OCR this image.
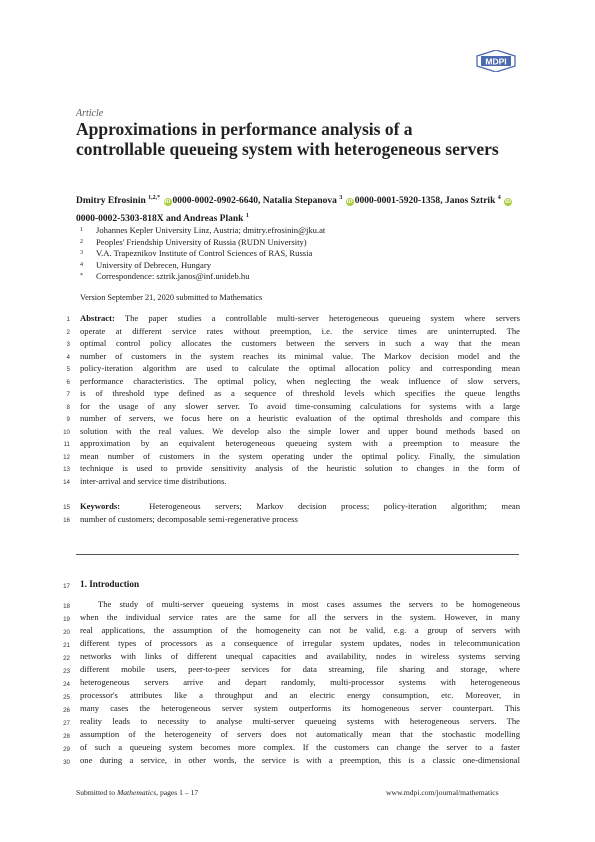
MDPI
Article
Approximations in performance analysis of a controllable queueing system with heterogeneous servers
Dmitry Efrosinin $^{1,2,*}$ iD 0000-0002-0902-6640, Natalia Stepanova $^3$ iD 0000-0001-5920-1358, Janos Sztrik $^4$ iD0000-0002-5303-818X and Andreas Plank $^1$
1	Johannes Kepler University Linz, Austria; dmitry.efrosinin@jku.at
2	Peoples' Friendship University of Russia (RUDN University)
3	V.A. Trapeznikov Institute of Control Sciences of RAS, Russia
4	University of Debrecen, Hungary
*	Correspondence: sztrik.janos@inf.unideb.hu
Version September 21, 2020 submitted to Mathematics
1 Abstract: The paper studies a controllable multi-server heterogeneous queueing system where servers
2 operate at different service rates without preemption, i.e. the service times are uninterrupted. The
3 optimal control policy allocates the customers between the servers in such a way that the mean
4 number of customers in the system reaches its minimal value. The Markov decision model and the
5 policy-iteration algorithm are used to calculate the optimal allocation policy and corresponding mean
6 performance characteristics. The optimal policy, when neglecting the weak influence of slow servers,
7 is of threshold type defined as a sequence of threshold levels which specifies the queue lengths
8 for the usage of any slower server. To avoid time-consuming calculations for systems with a large
9 number of servers, we focus here on a heuristic evaluation of the optimal thresholds and compare this
10 solution with the real values. We develop also the simple lower and upper bound methods based on
11 approximation by an equivalent heterogeneous queueing system with a preemption to measure the
12 mean number of customers in the system operating under the optimal policy. Finally, the simulation
13 technique is used to provide sensitivity analysis of the heuristic solution to changes in the form of
14 inter-arrival and service time distributions.
15 Keywords:	Heterogeneous servers; Markov decision process; policy-iteration algorithm; mean
16 number of customers; decomposable semi-regenerative process
17 1. Introduction
18	The study of multi-server queueing systems in most cases assumes the servers to be homogeneous
19 when the individual service rates are the same for all the servers in the system. However, in many
20 real applications, the assumption of the homogeneity can not be valid, e.g. a group of servers with
21 different types of processors as a consequence of irregular system updates, nodes in telecommunication
22 networks with links of different unequal capacities and availability, nodes in wireless systems serving
23 different mobile users, peer-to-peer services for data streaming, file sharing and storage, where
24 heterogeneous servers arrive and depart randomly, multi-processor systems with heterogeneous
25 processor's attributes like a throughput and an electric energy consumption, etc. Moreover, in
26 many cases the heterogeneous server system outperforms its homogeneous server counterpart. This
27 reality leads to necessity to analyse multi-server queueing systems with heterogeneous servers. The
28 assumption of the heterogeneity of servers does not automatically mean that the stochastic modelling
29 of such a queueing system becomes more complex. If the customers can change the server to a faster
30 one during a service, in other words, the service is with a preemption, this is a classic one-dimensional
Submitted to Mathematics, pages 1 – 17	www.mdpi.com/journal/mathematics
